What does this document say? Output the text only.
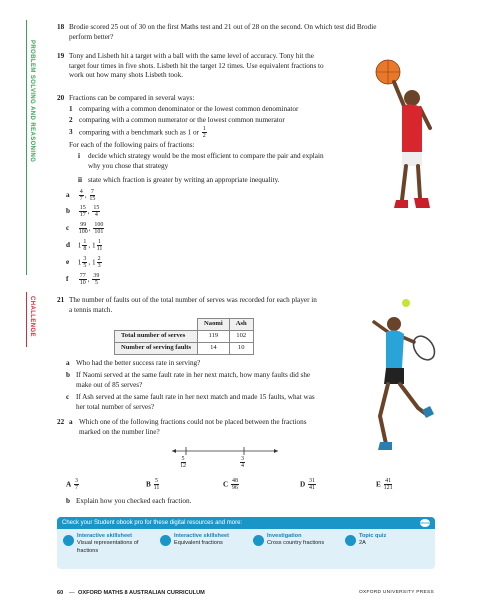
PROBLEM SOLVING AND REASONING
CHALLENGE
18 Brodie scored 25 out of 30 on the first Maths test and 21 out of 28 on the second. On which test did Brodie
perform better?
19 Tony and Lisbeth hit a target with a ball with the same level of accuracy. Tony hit the
target four times in five shots. Lisbeth hit the target 12 times. Use equivalent fractions to
work out how many shots Lisbeth took.
20 Fractions can be compared in several ways:
1 comparing with a common denominator or the lowest common denominator
2 comparing with a common numerator or the lowest common numerator
3 comparing with a benchmark such as 1 or $\frac{1}{2}$
For each of the following pairs of fractions:
i decide which strategy would be the most efficient to compare the pair and explain
why you chose that strategy
ii state which fraction is greater by writing an appropriate inequality.
a $\frac{4}{7}$ , $\frac{7}{15}$
b $\frac{15}{17}$ , $\frac{15}{4}$
c $\frac{99}{100}$ , $\frac{100}{101}$
d $1 \frac{1}{8}$ , $1 \frac{1}{11}$
e $1 \frac{3}{5}$ , $1 \frac{2}{3}$
f $\frac{77}{10}$ , $\frac{39}{5}$
21 The number of faults out of the total number of serves was recorded for each player in
a tennis match.
	Naomi	Ash
Total number of serves	119	102
Number of serving faults	14	10
a Who had the better success rate in serving?
b If Naomi served at the same fault rate in her next match, how many faults did she
make out of 85 serves?
c If Ash served at the same fault rate in her next match and made 15 faults, what was
her total number of serves?
22 a Which one of the following fractions could not be placed between the fractions
marked on the number line?
$\frac{5}{12}$	$\frac{3}{4}$
A $\frac{3}{7}$	B $\frac{5}{11}$	C $\frac{48}{96}$	D $\frac{31}{41}$	E $\frac{41}{121}$
b Explain how you checked each fraction.
Check your Student obook pro for these digital resources and more:	obook
Interactive skillsheet
Visual representations of
fractions
Interactive skillsheet
Equivalent fractions
Investigation
Cross country fractions
Topic quiz
2A
60 — OXFORD MATHS 8 AUSTRALIAN CURRICULUM	OXFORD UNIVERSITY PRESS
